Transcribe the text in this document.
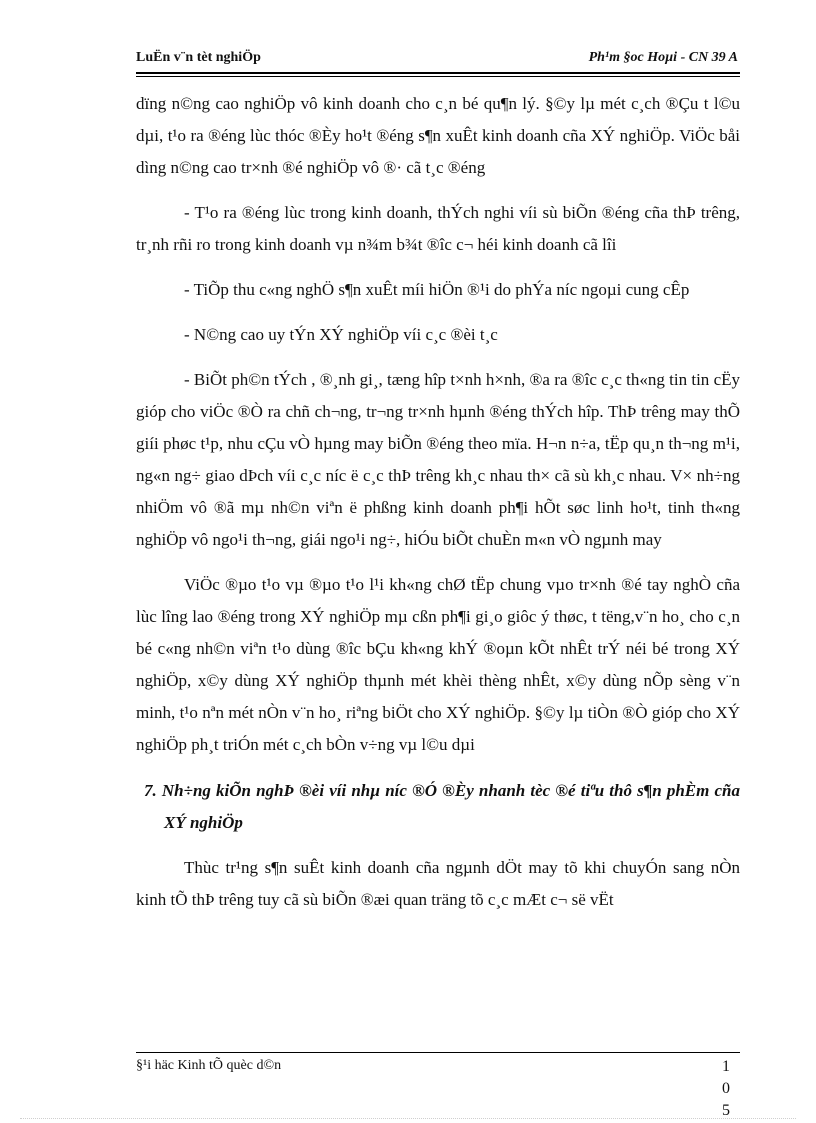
LuËn v¨n tèt nghiÖp	Ph¹m §oc Hoµi - CN 39 A

dïng n©ng cao nghiÖp vô kinh doanh cho c¸n bé qu¶n lý. §©y lµ mét c¸ch ®Çu t l©u dµi, t¹o ra ®éng lùc thóc ®Èy ho¹t ®éng s¶n xuÊt kinh doanh cña XÝ nghiÖp. ViÖc båi dìng n©ng cao tr×nh ®é nghiÖp vô ®· cã t¸c ®éng

- T¹o ra ®éng lùc trong kinh doanh, thÝch nghi víi sù biÕn ®éng cña thÞ trêng, tr¸nh rñi ro trong kinh doanh vµ n¾m b¾t ®îc c¬ héi kinh doanh cã lîi

- TiÕp thu c«ng nghÖ s¶n xuÊt míi hiÖn ®¹i do phÝa níc ngoµi cung cÊp

- N©ng cao uy tÝn XÝ nghiÖp víi c¸c ®èi t¸c

- BiÕt ph©n tÝch , ®¸nh gi¸, tæng hîp t×nh h×nh, ®a ra ®îc c¸c th«ng tin tin cËy gióp cho viÖc ®Ò ra chñ ch¬ng, tr¬ng tr×nh hµnh ®éng thÝch hîp. ThÞ trêng may thÕ giíi phøc t¹p, nhu cÇu vÒ hµng may biÕn ®éng theo mïa. H¬n n÷a, tËp qu¸n th¬ng m¹i, ng«n ng÷ giao dÞch víi c¸c níc ë c¸c thÞ trêng kh¸c nhau th× cã sù kh¸c nhau. V× nh÷ng nhiÖm vô ®ã mµ nh©n viªn ë phßng kinh doanh ph¶i hÕt søc linh ho¹t, tinh th«ng nghiÖp vô ngo¹i th¬ng, giái ngo¹i ng÷, hiÓu biÕt chuÈn m«n vÒ ngµnh may

ViÖc ®µo t¹o vµ ®µo t¹o l¹i kh«ng chØ tËp chung vµo tr×nh ®é tay nghÒ cña lùc lîng lao ®éng trong XÝ nghiÖp mµ cßn ph¶i gi¸o giôc ý thøc, t tëng,v¨n ho¸ cho c¸n bé c«ng nh©n viªn t¹o dùng ®îc bÇu kh«ng khÝ ®oµn kÕt nhÊt trÝ néi bé trong XÝ nghiÖp, x©y dùng XÝ nghiÖp thµnh mét khèi thèng nhÊt, x©y dùng nÕp sèng v¨n minh, t¹o nªn mét nÒn v¨n ho¸ riªng biÖt cho XÝ nghiÖp. §©y lµ tiÒn ®Ò gióp cho XÝ nghiÖp ph¸t triÓn mét c¸ch bÒn v÷ng vµ l©u dµi

7. Nh÷ng kiÕn nghÞ ®èi víi nhµ níc ®Ó ®Èy nhanh tèc ®é tiªu thô s¶n phÈm cña XÝ nghiÖp

Thùc tr¹ng s¶n suÊt kinh doanh cña ngµnh dÖt may tõ khi chuyÓn sang nÒn kinh tÕ thÞ trêng tuy cã sù biÕn ®æi quan träng tõ c¸c mÆt c¬ së vËt

§¹i häc Kinh tÕ quèc d©n	1
0
5
